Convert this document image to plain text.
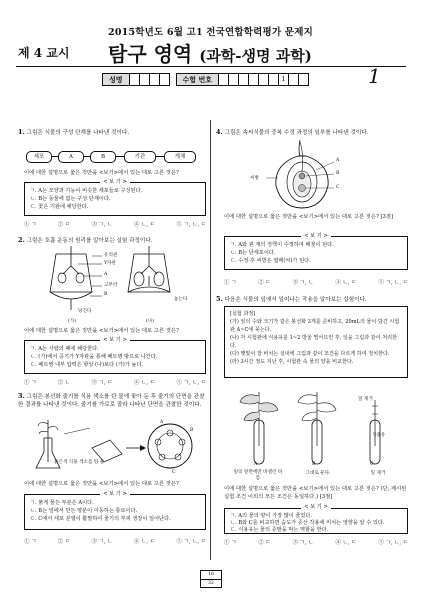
2015학년도 6월 고1 전국연합학력평가 문제지
제 4 교시 탐구 영역 (과학-생명 과학)
성명	수험 번호	1	1
1. 그림은 식물의 구성 단계를 나타낸 것이다.
세포	A	B	기관	개체
이에 대한 설명으로 옳은 것만을 <보기>에서 있는 대로 고른 것은?
< 보 기 >
ㄱ. A는 모양과 기능이 비슷한 세포들로 구성된다.
ㄴ. B는 동물에 없는 구성 단계이다.
ㄷ. 꽃은 기관에 해당한다.
① ㄱ	② ㄷ	③ ㄱ, ㄴ	④ ㄴ, ㄷ	⑤ ㄱ, ㄴ, ㄷ
2. 그림은 호흡 운동의 원리를 알아보는 실험 과정이다.
유리관
Y자관
A
고무막
B
당긴다
놓는다
(가)	(나)
이에 대한 설명으로 옳은 것만을 <보기>에서 있는 대로 고른 것은?
< 보 기 >
ㄱ. A는 사람의 폐에 해당한다.
ㄴ. (가)에서 공기가 Y자관을 통해 페트병 밖으로 나간다.
ㄷ. 페트병 내부 압력은 항상 (나)보다 (가)가 높다.
① ㄱ	② ㄴ	③ ㄱ, ㄷ	④ ㄴ, ㄷ	⑤ ㄱ, ㄴ, ㄷ
3. 그림은 봉선화 줄기를 식용 색소를 탄 물에 꽂아 둔 후 줄기의 단면을 관찰한 결과를 나타낸 것이다. 줄기를 가로로 잘라 나타난 단면을 관찰한 것이다.
붉은색 식용 색소를 탄 물
A
B
C
이에 대한 설명으로 옳은 것만을 <보기>에서 있는 대로 고른 것은?
< 보 기 >
ㄱ. 붉게 물든 부분은 A이다.
ㄴ. B는 잎에서 만든 양분이 이동하는 통로이다.
ㄷ. C에서 세포 분열이 활발하여 줄기의 부피 생장이 일어난다.
① ㄱ	② ㄷ	③ ㄱ, ㄴ	④ ㄴ, ㄷ	⑤ ㄱ, ㄴ, ㄷ
4. 그림은 속씨식물의 중복 수정 과정의 일부를 나타낸 것이다.
A
B
C
씨방
이에 대한 설명으로 옳은 것만을 <보기>에서 있는 대로 고른 것은? [3점]
< 보 기 >
ㄱ. A와 핀 계의 정핵이 수정하여 배젖이 된다.
ㄴ. B는 난세포이다.
ㄷ. 수정 후 씨방은 열매(씨)가 된다.
① ㄱ	② ㄷ	③ ㄱ, ㄴ	④ ㄴ, ㄷ	⑤ ㄱ, ㄴ, ㄷ
5. 다음은 식물의 잎에서 일어나는 작용을 알아보는 실험이다.
[실험 과정]
(가) 잎의 수와 크기가 같은 봉선화 3개를 준비하고, 20mL의 물이 담긴 시험관 A~C에 꽂는다.
(나) 각 시험관에 식용유를 1~2 방울 떨어뜨린 후, 잎을 그림과 같이 처리한다.
(다) 햇빛이 잘 비치는 실내에 그림과 같이 조건을 다르게 하여 정치한다.
(라) 3시간 정도 지난 후, 시험관 속 물의 양을 비교한다.
잎 제거
식용유
A	B	C
잎의 앞면에만 바셀린 바름
그대로 둔다.	잎 제거
이에 대한 설명으로 옳은 것만을 <보기>에서 있는 대로 고른 것은? (단, 제시된 실험 조건 이외의 모든 조건은 동일하다.) [3점]
< 보 기 >
ㄱ. A의 물의 양이 가장 많이 줄었다.
ㄴ. B와 C를 비교하면 습도가 증산 작용에 미치는 영향을 알 수 있다.
ㄷ. 식용유는 물의 증발을 막는 역할을 한다.
① ㄱ	② ㄷ	③ ㄱ, ㄴ	④ ㄴ, ㄷ	⑤ ㄱ, ㄴ, ㄷ
16
32
